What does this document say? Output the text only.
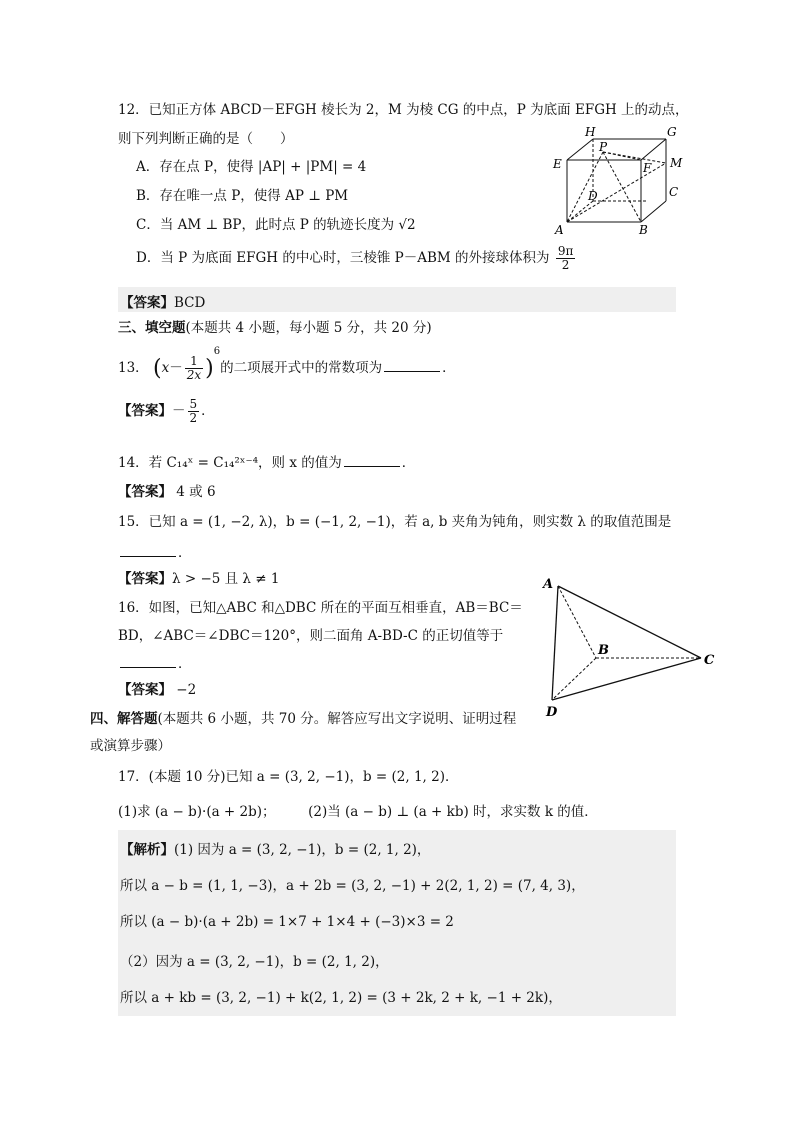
12．已知正方体 ABCD－EFGH 棱长为 2，M 为棱 CG 的中点，P 为底面 EFGH 上的动点，
则下列判断正确的是（　　）
A．存在点 P，使得 |AP| + |PM| = 4
B．存在唯一点 P，使得 AP ⊥ PM
C．当 AM ⊥ BP，此时点 P 的轨迹长度为 √2
D．当 P 为底面 EFGH 的中心时，三棱锥 P－ABM 的外接球体积为 $\frac{9\pi}{2}$
H	G
E	F M
P
D	C
A	B
【答案】BCD
三、填空题(本题共 4 小题，每小题 5 分，共 20 分)
13． $(x- \frac{1}{2x} )^6$的二项展开式中的常数项为	．
【答案】－ $\frac{5}{2}$ ．
14．若 C₁₄ˣ = C₁₄²ˣ⁻⁴，则 x 的值为	．
【答案】 4 或 6
15．已知 a = (1, −2, λ)，b = (−1, 2, −1)，若 a, b 夹角为钝角，则实数 λ 的取值范围是
．
【答案】λ > −5 且 λ ≠ 1
16．如图，已知△ABC 和△DBC 所在的平面互相垂直，AB＝BC＝
BD，∠ABC＝∠DBC＝120°，则二面角 A-BD-C 的正切值等于
．
【答案】 −2
A
B
C
D
四、解答题(本题共 6 小题，共 70 分。解答应写出文字说明、证明过程
或演算步骤）
17．(本题 10 分)已知 a = (3, 2, −1)，b = (2, 1, 2)．
(1)求 (a − b)·(a + 2b)； (2)当 (a − b) ⊥ (a + kb) 时，求实数 k 的值．
【解析】(1) 因为 a = (3, 2, −1)，b = (2, 1, 2)，
所以 a − b = (1, 1, −3)，a + 2b = (3, 2, −1) + 2(2, 1, 2) = (7, 4, 3)，
所以 (a − b)·(a + 2b) = 1×7 + 1×4 + (−3)×3 = 2
（2）因为 a = (3, 2, −1)，b = (2, 1, 2)，
所以 a + kb = (3, 2, −1) + k(2, 1, 2) = (3 + 2k, 2 + k, −1 + 2k)，
